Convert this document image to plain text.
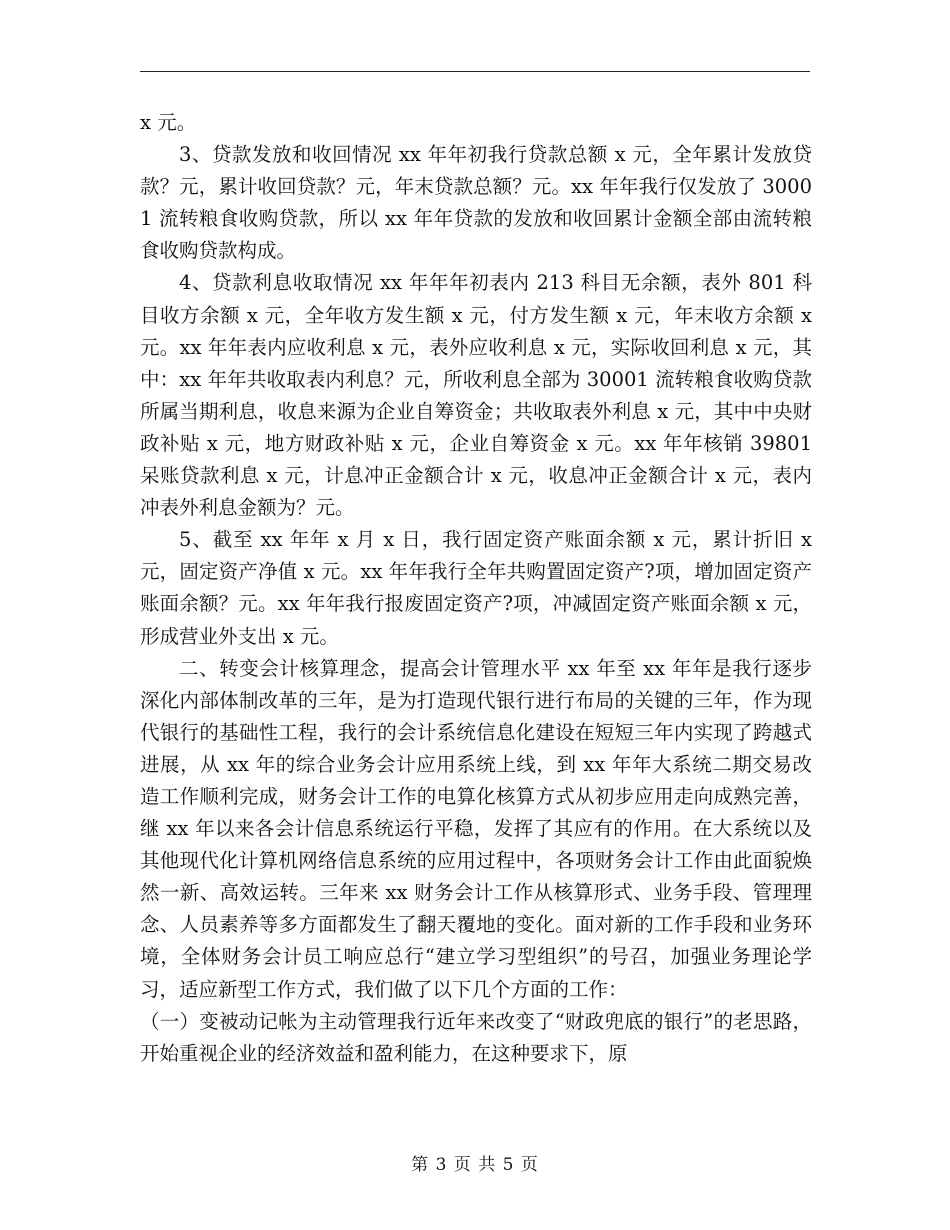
x 元。

3、贷款发放和收回情况 xx 年年初我行贷款总额 x 元，全年累计发放贷款？元，累计收回贷款？元，年末贷款总额？元。xx 年年我行仅发放了 30001 流转粮食收购贷款，所以 xx 年年贷款的发放和收回累计金额全部由流转粮食收购贷款构成。

4、贷款利息收取情况 xx 年年年初表内 213 科目无余额，表外 801 科目收方余额 x 元，全年收方发生额 x 元，付方发生额 x 元，年末收方余额 x 元。xx 年年表内应收利息 x 元，表外应收利息 x 元，实际收回利息 x 元，其中：xx 年年共收取表内利息？元，所收利息全部为 30001 流转粮食收购贷款所属当期利息，收息来源为企业自筹资金；共收取表外利息 x 元，其中中央财政补贴 x 元，地方财政补贴 x 元，企业自筹资金 x 元。xx 年年核销 39801 呆账贷款利息 x 元，计息冲正金额合计 x 元，收息冲正金额合计 x 元，表内冲表外利息金额为？元。

5、截至 xx 年年 x 月 x 日，我行固定资产账面余额 x 元，累计折旧 x 元，固定资产净值 x 元。xx 年年我行全年共购置固定资产?项，增加固定资产账面余额？元。xx 年年我行报废固定资产?项，冲减固定资产账面余额 x 元，形成营业外支出 x 元。

二、转变会计核算理念，提高会计管理水平 xx 年至 xx 年年是我行逐步深化内部体制改革的三年，是为打造现代银行进行布局的关键的三年，作为现代银行的基础性工程，我行的会计系统信息化建设在短短三年内实现了跨越式进展，从 xx 年的综合业务会计应用系统上线，到 xx 年年大系统二期交易改造工作顺利完成，财务会计工作的电算化核算方式从初步应用走向成熟完善，继 xx 年以来各会计信息系统运行平稳，发挥了其应有的作用。在大系统以及其他现代化计算机网络信息系统的应用过程中，各项财务会计工作由此面貌焕然一新、高效运转。三年来 xx 财务会计工作从核算形式、业务手段、管理理念、人员素养等多方面都发生了翻天覆地的变化。面对新的工作手段和业务环境，全体财务会计员工响应总行“建立学习型组织”的号召，加强业务理论学习，适应新型工作方式，我们做了以下几个方面的工作：

（一）变被动记帐为主动管理我行近年来改变了“财政兜底的银行”的老思路，开始重视企业的经济效益和盈利能力，在这种要求下，原

第 3 页 共 5 页
